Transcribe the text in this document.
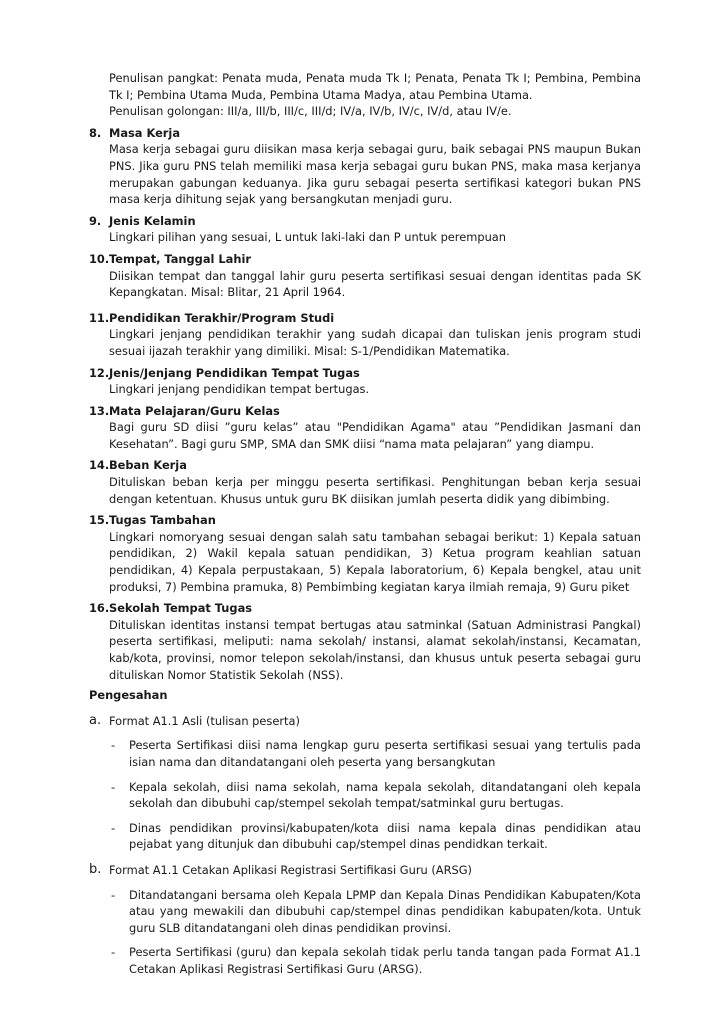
Penulisan pangkat: Penata muda, Penata muda Tk I; Penata, Penata Tk I; Pembina, Pembina Tk I; Pembina Utama Muda, Pembina Utama Madya, atau Pembina Utama.

Penulisan golongan: III/a, III/b, III/c, III/d; IV/a, IV/b, IV/c, IV/d, atau IV/e.

8. Masa Kerja
Masa kerja sebagai guru diisikan masa kerja sebagai guru, baik sebagai PNS maupun Bukan PNS. Jika guru PNS telah memiliki masa kerja sebagai guru bukan PNS, maka masa kerjanya merupakan gabungan keduanya. Jika guru sebagai peserta sertifikasi kategori bukan PNS masa kerja dihitung sejak yang bersangkutan menjadi guru.
9. Jenis Kelamin
Lingkari pilihan yang sesuai, L untuk laki-laki dan P untuk perempuan
10. Tempat, Tanggal Lahir
Diisikan tempat dan tanggal lahir guru peserta sertifikasi sesuai dengan identitas pada SK Kepangkatan. Misal: Blitar, 21 April 1964.
11. Pendidikan Terakhir/Program Studi
Lingkari jenjang pendidikan terakhir yang sudah dicapai dan tuliskan jenis program studi sesuai ijazah terakhir yang dimiliki. Misal: S-1/Pendidikan Matematika.
12. Jenis/Jenjang Pendidikan Tempat Tugas
Lingkari jenjang pendidikan tempat bertugas.
13. Mata Pelajaran/Guru Kelas
Bagi guru SD diisi ”guru kelas” atau "Pendidikan Agama" atau ”Pendidikan Jasmani dan Kesehatan”. Bagi guru SMP, SMA dan SMK diisi “nama mata pelajaran” yang diampu.
14. Beban Kerja
Dituliskan beban kerja per minggu peserta sertifikasi. Penghitungan beban kerja sesuai dengan ketentuan. Khusus untuk guru BK diisikan jumlah peserta didik yang dibimbing.
15. Tugas Tambahan
Lingkari nomoryang sesuai dengan salah satu tambahan sebagai berikut: 1) Kepala satuan pendidikan, 2) Wakil kepala satuan pendidikan, 3) Ketua program keahlian satuan pendidikan, 4) Kepala perpustakaan, 5) Kepala laboratorium, 6) Kepala bengkel, atau unit produksi, 7) Pembina pramuka, 8) Pembimbing kegiatan karya ilmiah remaja, 9) Guru piket
16. Sekolah Tempat Tugas
Dituliskan identitas instansi tempat bertugas atau satminkal (Satuan Administrasi Pangkal) peserta sertifikasi, meliputi: nama sekolah/ instansi, alamat sekolah/instansi, Kecamatan, kab/kota, provinsi, nomor telepon sekolah/instansi, dan khusus untuk peserta sebagai guru dituliskan Nomor Statistik Sekolah (NSS).
Pengesahan
a. Format A1.1 Asli (tulisan peserta)
- Peserta Sertifikasi diisi nama lengkap guru peserta sertifikasi sesuai yang tertulis pada isian nama dan ditandatangani oleh peserta yang bersangkutan
- Kepala sekolah, diisi nama sekolah, nama kepala sekolah, ditandatangani oleh kepala sekolah dan dibubuhi cap/stempel sekolah tempat/satminkal guru bertugas.
- Dinas pendidikan provinsi/kabupaten/kota diisi nama kepala dinas pendidikan atau pejabat yang ditunjuk dan dibubuhi cap/stempel dinas pendidkan terkait.
b. Format A1.1 Cetakan Aplikasi Registrasi Sertifikasi Guru (ARSG)
- Ditandatangani bersama oleh Kepala LPMP dan Kepala Dinas Pendidikan Kabupaten/Kota atau yang mewakili dan dibubuhi cap/stempel dinas pendidikan kabupaten/kota. Untuk guru SLB ditandatangani oleh dinas pendidikan provinsi.
- Peserta Sertifikasi (guru) dan kepala sekolah tidak perlu tanda tangan pada Format A1.1 Cetakan Aplikasi Registrasi Sertifikasi Guru (ARSG).
